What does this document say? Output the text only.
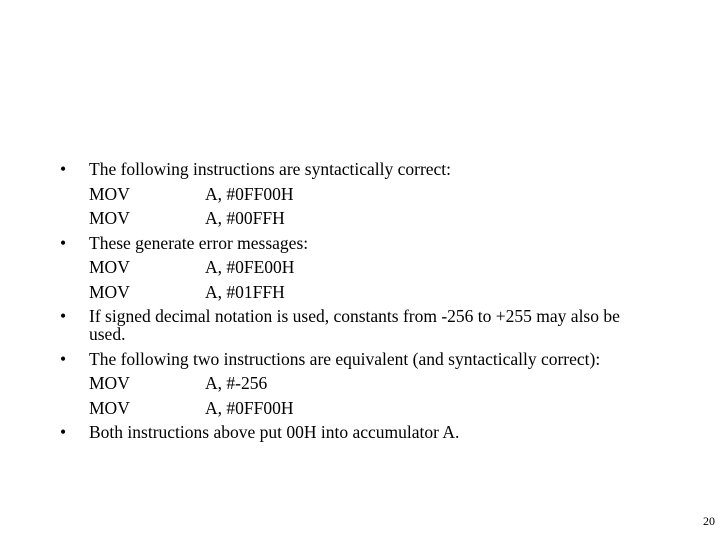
• The following instructions are syntactically correct:
MOV	A, #0FF00H
MOV	A, #00FFH
• These generate error messages:
MOV	A, #0FE00H
MOV	A, #01FFH
• If signed decimal notation is used, constants from -256 to +255 may also be used.
• The following two instructions are equivalent (and syntactically correct):
MOV	A, #-256
MOV	A, #0FF00H
• Both instructions above put 00H into accumulator A.
20
